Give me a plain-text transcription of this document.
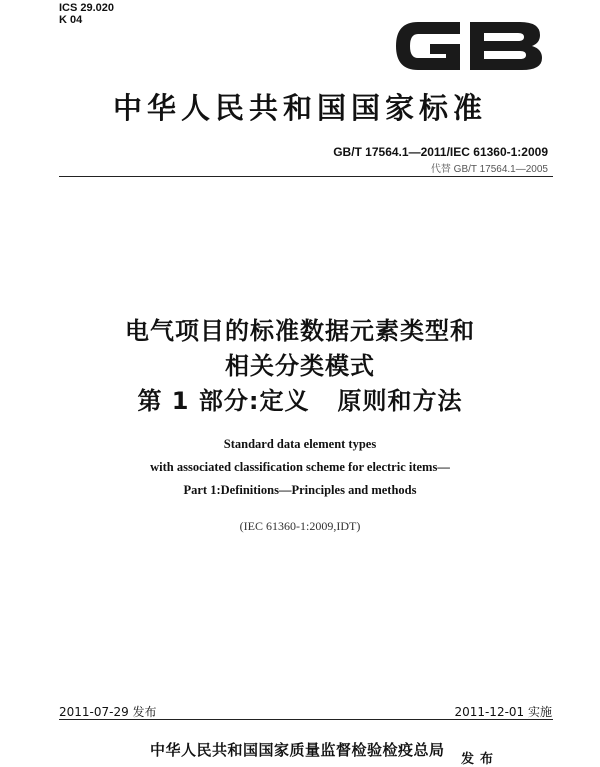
ICS 29.020
K 04
中华人民共和国国家标准
GB/T 17564.1—2011/IEC 61360-1:2009
代替 GB/T 17564.1—2005
电气项目的标准数据元素类型和
相关分类模式
第 1 部分:定义   原则和方法
Standard data element types
with associated classification scheme for electric items—
Part 1:Definitions—Principles and methods
(IEC 61360-1:2009,IDT)
2011-07-29 发布	2011-12-01 实施
中华人民共和国国家质量监督检验检疫总局
发布
